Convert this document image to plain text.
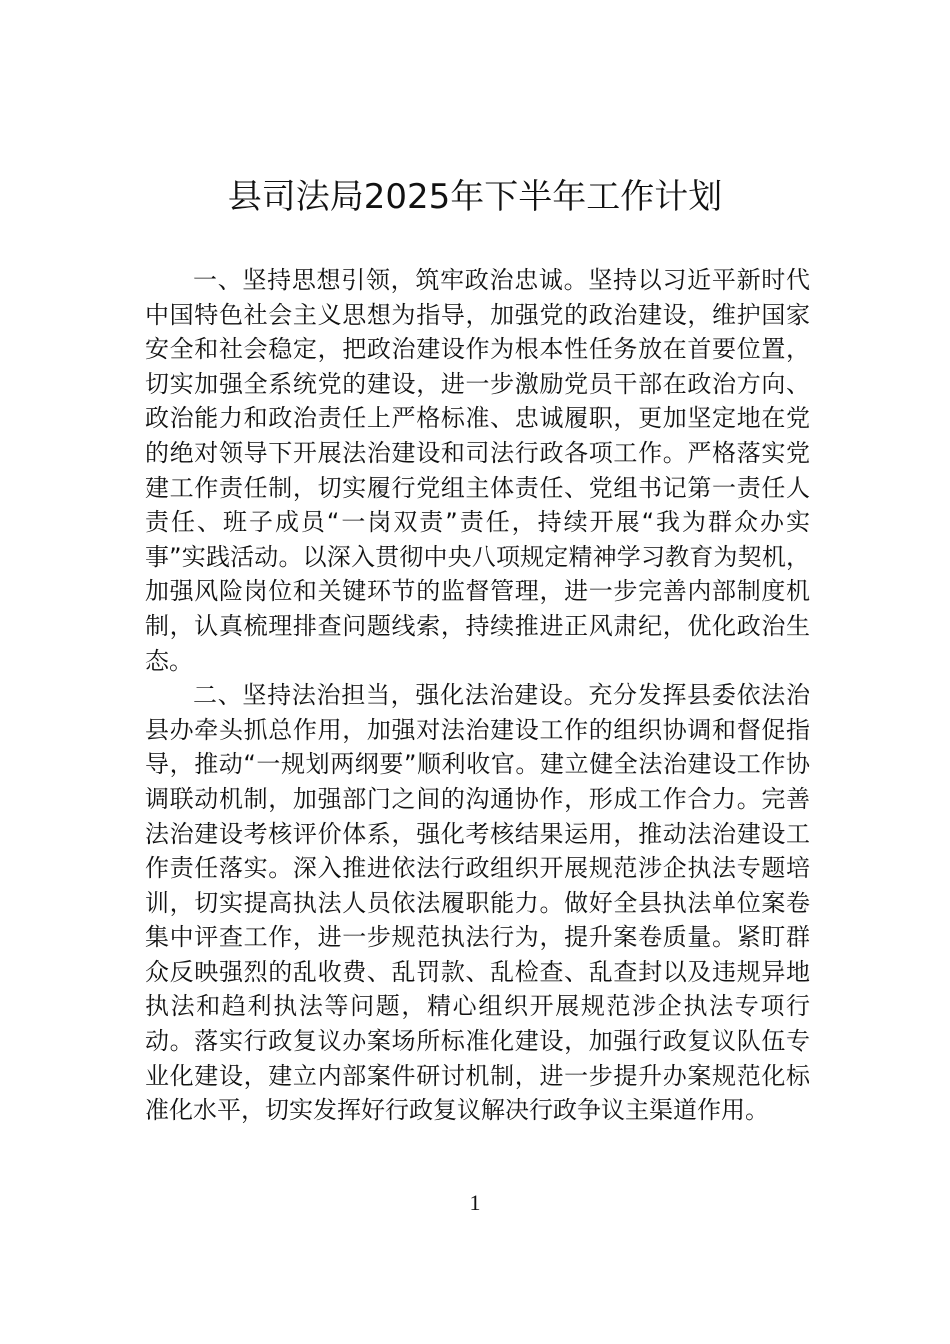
县司法局2025年下半年工作计划

一、坚持思想引领，筑牢政治忠诚。坚持以习近平新时代中国特色社会主义思想为指导，加强党的政治建设，维护国家安全和社会稳定，把政治建设作为根本性任务放在首要位置，切实加强全系统党的建设，进一步激励党员干部在政治方向、政治能力和政治责任上严格标准、忠诚履职，更加坚定地在党的绝对领导下开展法治建设和司法行政各项工作。严格落实党建工作责任制，切实履行党组主体责任、党组书记第一责任人责任、班子成员“一岗双责”责任，持续开展“我为群众办实事”实践活动。以深入贯彻中央八项规定精神学习教育为契机，加强风险岗位和关键环节的监督管理，进一步完善内部制度机制，认真梳理排查问题线索，持续推进正风肃纪，优化政治生态。

二、坚持法治担当，强化法治建设。充分发挥县委依法治县办牵头抓总作用，加强对法治建设工作的组织协调和督促指导，推动“一规划两纲要”顺利收官。建立健全法治建设工作协调联动机制，加强部门之间的沟通协作，形成工作合力。完善法治建设考核评价体系，强化考核结果运用，推动法治建设工作责任落实。深入推进依法行政组织开展规范涉企执法专题培训，切实提高执法人员依法履职能力。做好全县执法单位案卷集中评查工作，进一步规范执法行为，提升案卷质量。紧盯群众反映强烈的乱收费、乱罚款、乱检查、乱查封以及违规异地执法和趋利执法等问题，精心组织开展规范涉企执法专项行动。落实行政复议办案场所标准化建设，加强行政复议队伍专业化建设，建立内部案件研讨机制，进一步提升办案规范化标准化水平，切实发挥好行政复议解决行政争议主渠道作用。

1
